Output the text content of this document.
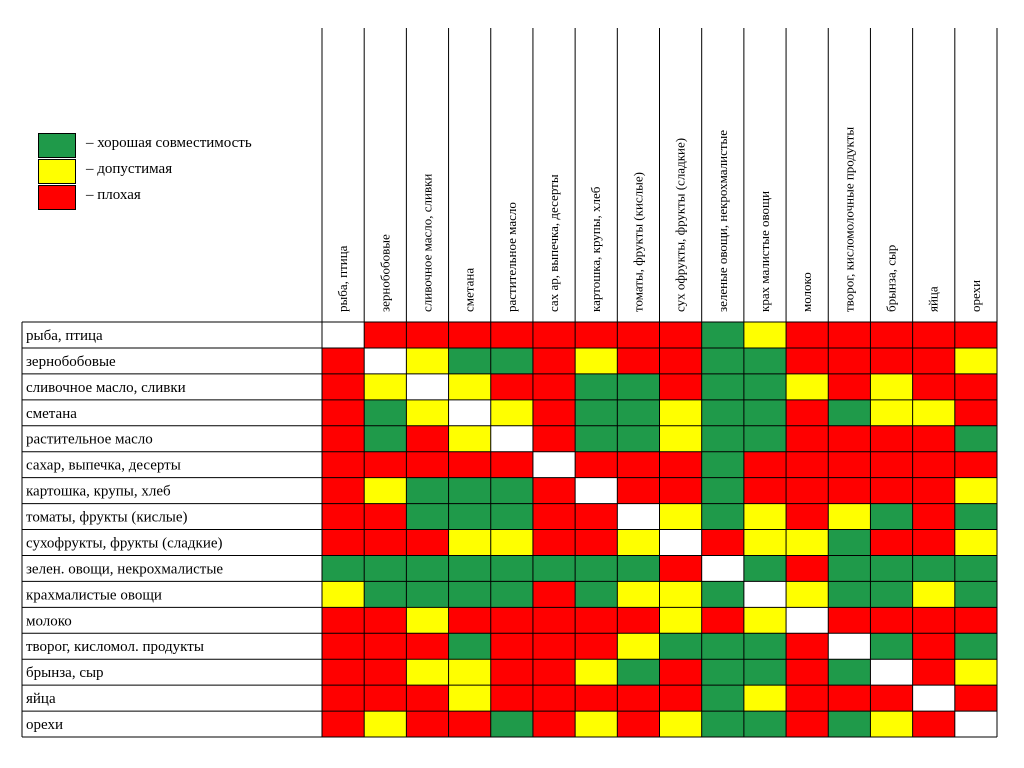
рыба, птица зернобобовые сливочное масло, сливки сметана растительное масло сах ар, выпечка, десерты картошка, крупы, хлеб томаты, фрукты (кислые) сух офрукты, фрукты (сладкие) зеленые овощи, некрохмалистые крах малистые овощи молоко творог, кисломолочные продукты брынза, сыр яйца орехи
рыба, птица
зернобобовые
сливочное масло, сливки
сметана
растительное масло
сахар, выпечка, десерты
картошка, крупы, хлеб
томаты, фрукты (кислые)
сухофрукты, фрукты (сладкие)
зелен. овощи, некрохмалистые
крахмалистые овощи
молоко
творог, кисломол. продукты
брынза, сыр
яйца
орехи
– хорошая совместимость
– допустимая
– плохая
